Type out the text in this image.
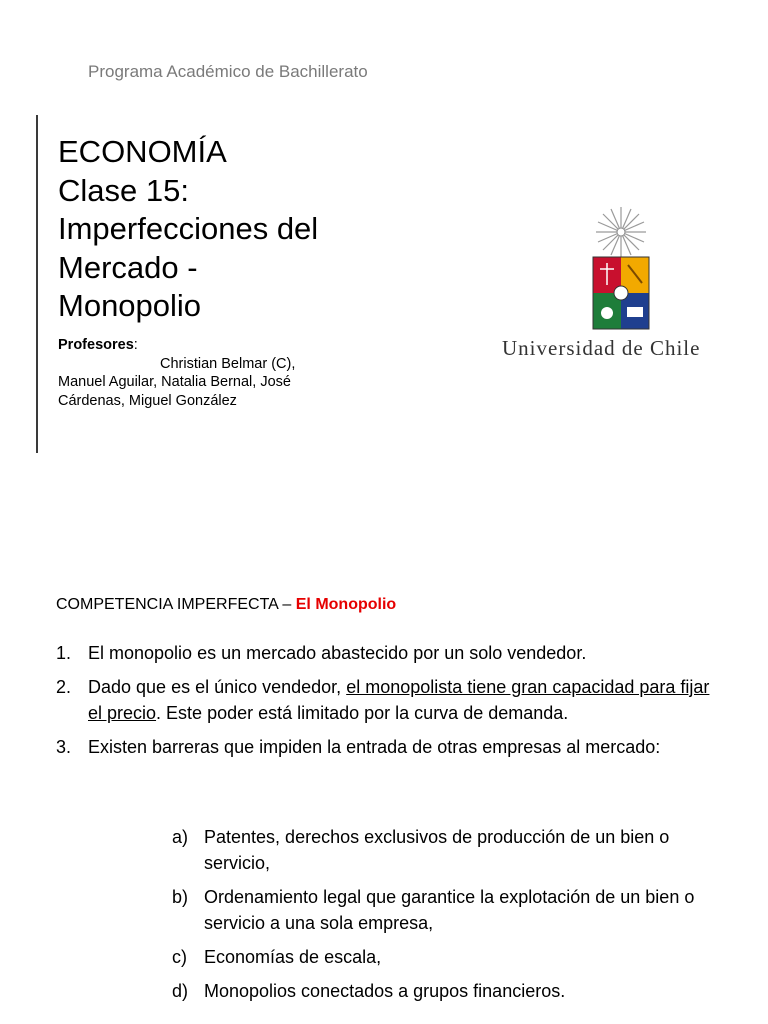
Programa Académico de Bachillerato
ECONOMÍA
Clase 15:
Imperfecciones del
Mercado -
Monopolio
Profesores:
Christian Belmar (C),
Manuel Aguilar, Natalia Bernal, José Cárdenas, Miguel González
Universidad de Chile
COMPETENCIA IMPERFECTA – El Monopolio
1. El monopolio es un mercado abastecido por un solo vendedor.
2. Dado que es el único vendedor, el monopolista tiene gran capacidad para fijar el precio. Este poder está limitado por la curva de demanda.
3. Existen barreras que impiden la entrada de otras empresas al mercado:
a) Patentes, derechos exclusivos de producción de un bien o servicio,
b) Ordenamiento legal que garantice la explotación de un bien o servicio a una sola empresa,
c) Economías de escala,
d) Monopolios conectados a grupos financieros.
